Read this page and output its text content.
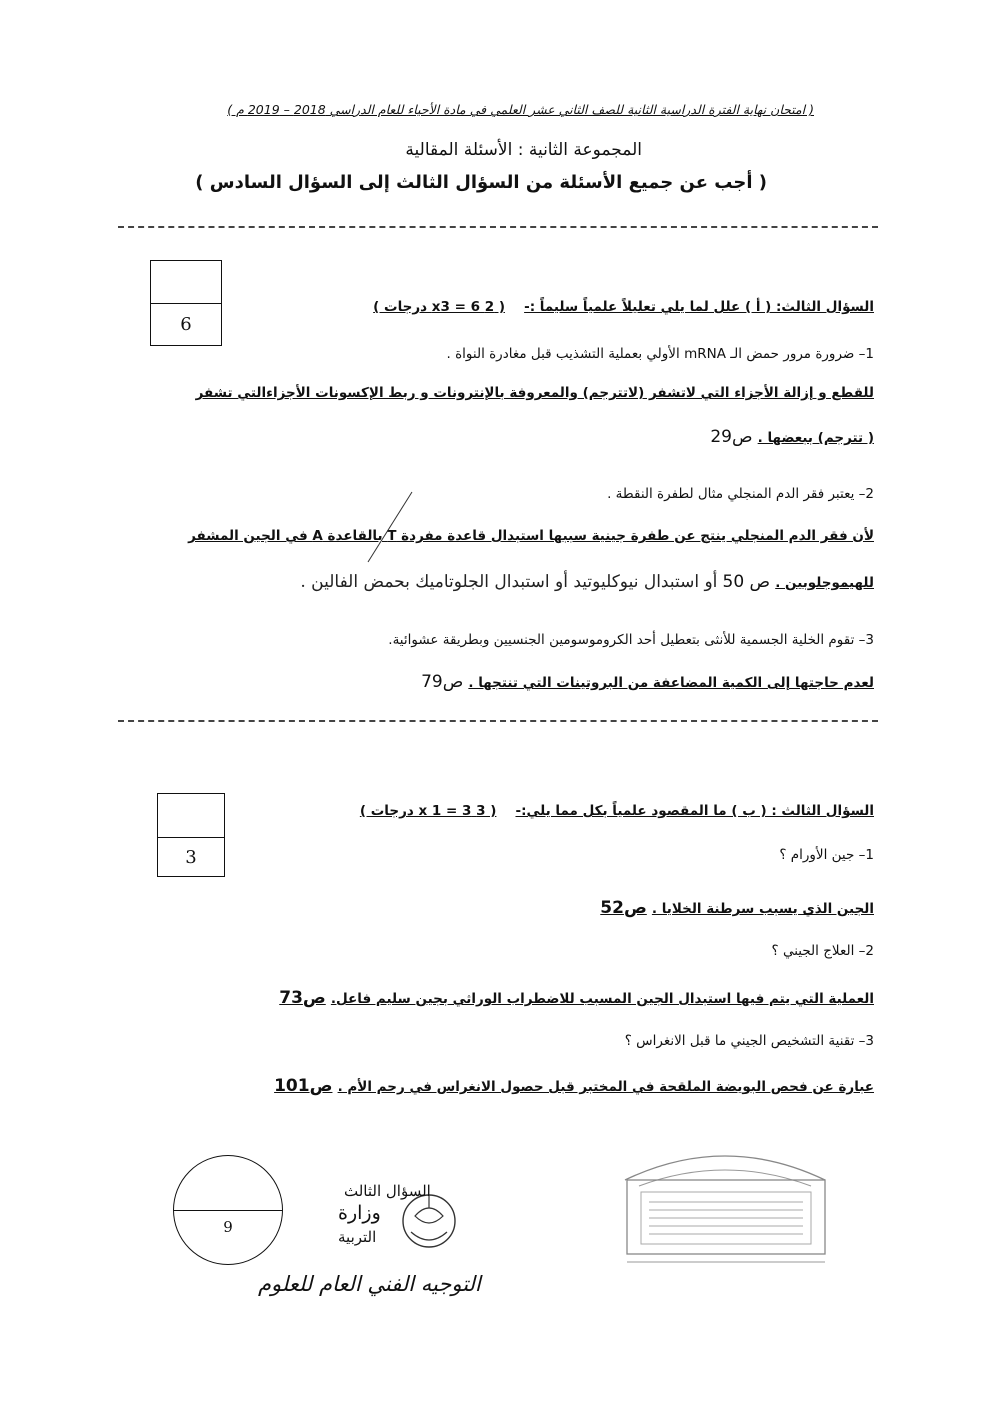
( امتحان نهاية الفترة الدراسية الثانية للصف الثاني عشر العلمي في مادة الأحياء للعام الدراسي 2018 – 2019 م )
المجموعة الثانية : الأسئلة المقالية
( أجب عن جميع الأسئلة من السؤال الثالث إلى السؤال السادس )
6
السؤال الثالث: ( أ ) علل لما يلي تعليلاً علمياً سليماً :- ( 2 x3 = 6 درجات )
1– ضرورة مرور حمض الـ mRNA الأولي بعملية التشذيب قبل مغادرة النواة .
للقطع و إزالة الأجزاء التي لاتشفر (لاتترجم) والمعروفة بالإنترونات و ربط الإكسونات الأجزاءالتي تشفر
( تترجم) ببعضها . ص29
2– يعتبر فقر الدم المنجلي مثال لطفرة النقطة .
لأن فقر الدم المنجلي ينتج عن طفرة جينية سببها استبدال قاعدة مفردة T بالقاعدة A في الجين المشفر
للهيموجلوبين . ص 50 أو استبدال نيوكليوتيد أو استبدال الجلوتاميك بحمض الفالين .
3– تقوم الخلية الجسمية للأنثى بتعطيل أحد الكروموسومين الجنسيين وبطريقة عشوائية.
لعدم حاجتها إلى الكمية المضاعفة من البروتينات التي تنتجها . ص79
3
السؤال الثالث : ( ب ) ما المقصود علمياً بكل مما يلي:- ( 3 x 1 = 3 درجات )
1– جين الأورام ؟
الجين الذي يسبب سرطنة الخلايا . ص52
2– العلاج الجيني ؟
العملية التي يتم فيها استبدال الجين المسبب للاضطراب الوراثي بجين سليم فاعل. ص73
3– تقنية التشخيص الجيني ما قبل الانغراس ؟
عبارة عن فحص البويضة الملقحة في المختبر قبل حصول الانغراس في رحم الأم . ص101
9
السؤال الثالث
وزارة
التربية
التوجيه الفني العام للعلوم
